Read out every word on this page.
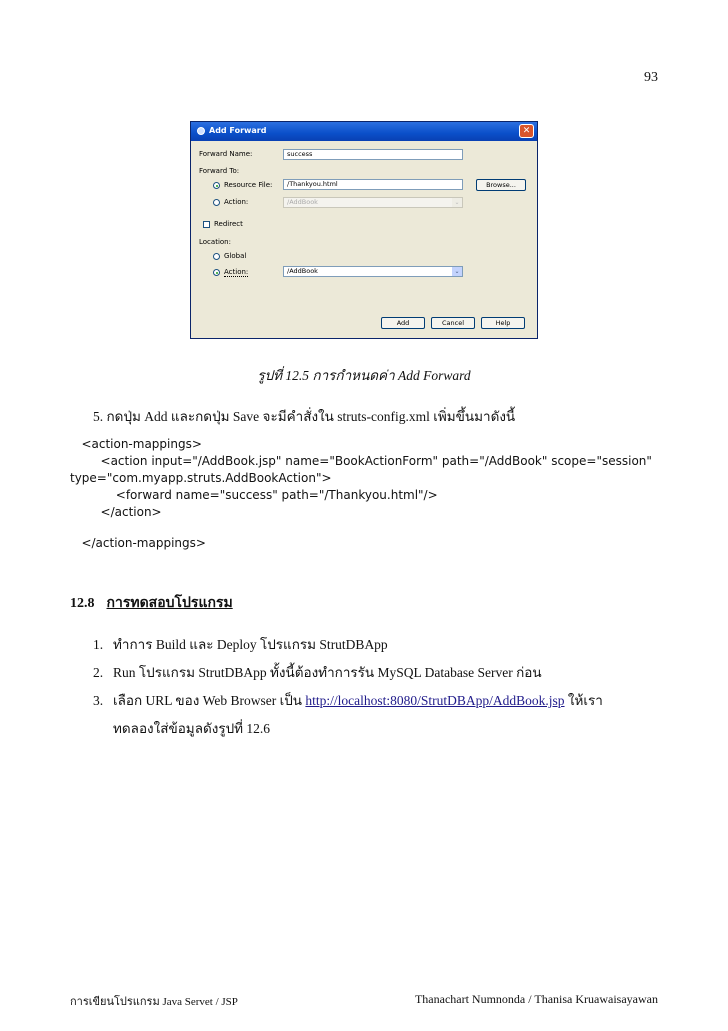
93
Add Forward	✕
Forward Name:	success
Forward To:
Resource File:	/Thankyou.html	Browse...
Action:	/AddBook	⌄
Redirect
Location:
Global
Action:	/AddBook	⌄
Add	Cancel	Help
รูปที่ 12.5 การกำหนดค่า Add Forward
5. กดปุ่ม Add และกดปุ่ม Save จะมีคำสั่งใน struts-config.xml เพิ่มขึ้นมาดังนี้
<action-mappings>
<action input="/AddBook.jsp" name="BookActionForm" path="/AddBook" scope="session"
type="com.myapp.struts.AddBookAction">
<forward name="success" path="/Thankyou.html"/>
</action>
</action-mappings>
12.8 การทดสอบโปรแกรม
1. ทำการ Build และ Deploy โปรแกรม StrutDBApp
2. Run โปรแกรม StrutDBApp ทั้งนี้ต้องทำการรัน MySQL Database Server ก่อน
3. เลือก URL ของ Web Browser เป็น http://localhost:8080/StrutDBApp/AddBook.jsp ให้เรา
ทดลองใส่ข้อมูลดังรูปที่ 12.6
การเขียนโปรแกรม Java Servet / JSP	Thanachart Numnonda / Thanisa Kruawaisayawan
